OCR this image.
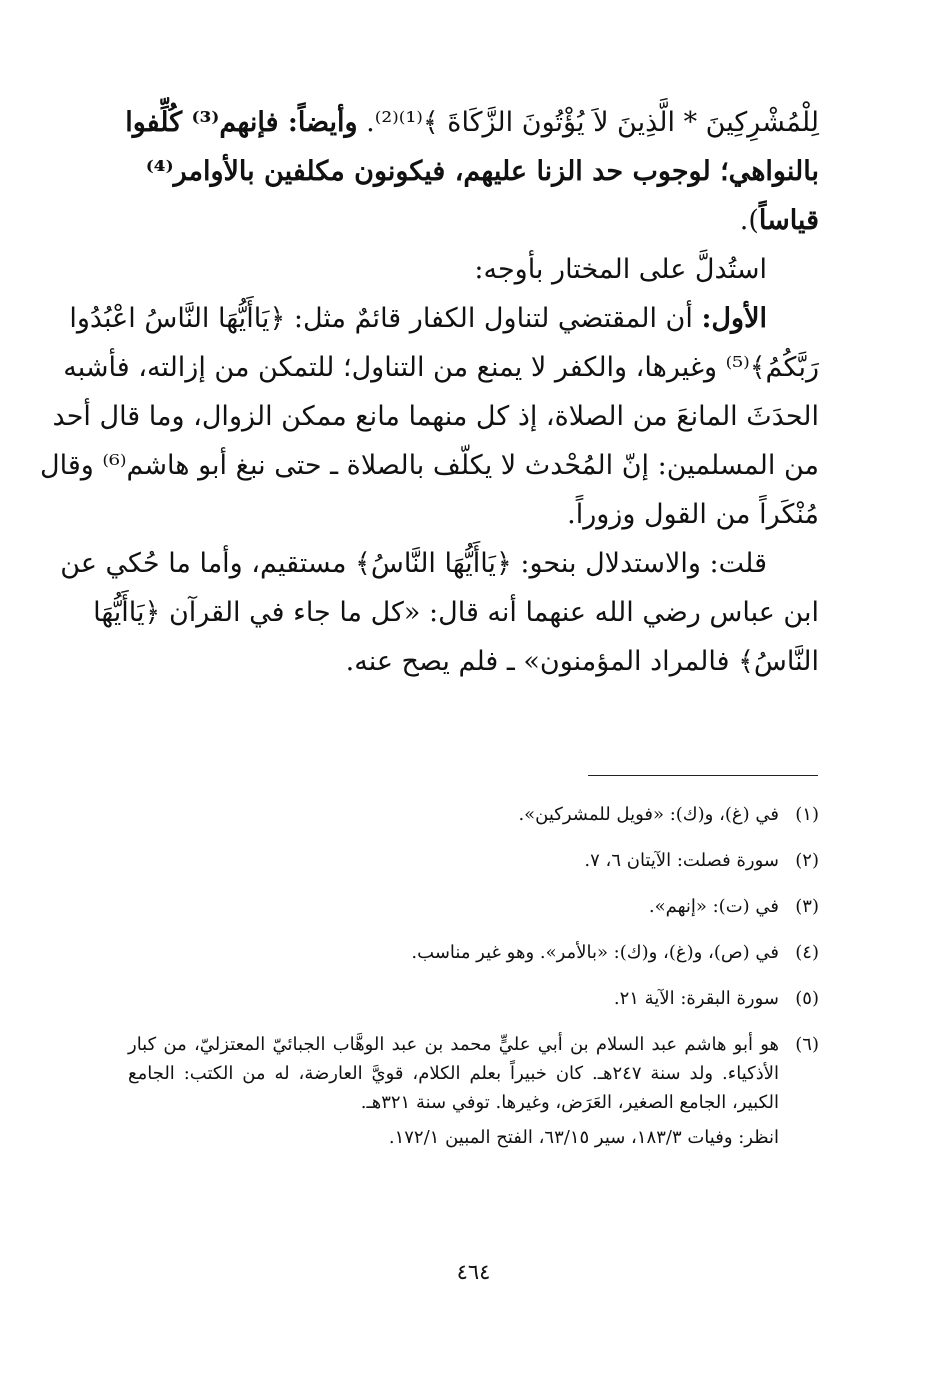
لِلْمُشْرِكِينَ * الَّذِينَ لاَ يُؤْتُونَ الزَّكَاةَ ﴾⁽¹⁾⁽²⁾. وأيضاً: فإنهم⁽³⁾ كُلِّفوا
بالنواهي؛ لوجوب حد الزنا عليهم، فيكونون مكلفين بالأوامر⁽⁴⁾
قياساً).
استُدلَّ على المختار بأوجه:
الأول: أن المقتضي لتناول الكفار قائمٌ مثل: ﴿يَاأَيُّهَا النَّاسُ اعْبُدُوا
رَبَّكُمُ﴾⁽⁵⁾ وغيرها، والكفر لا يمنع من التناول؛ للتمكن من إزالته، فأشبه
الحدَثَ المانعَ من الصلاة، إذ كل منهما مانع ممكن الزوال، وما قال أحد
من المسلمين: إنّ المُحْدث لا يكلّف بالصلاة ـ حتى نبغ أبو هاشم⁽⁶⁾ وقال
مُنْكَراً من القول وزوراً.
قلت: والاستدلال بنحو: ﴿يَاأَيُّهَا النَّاسُ﴾ مستقيم، وأما ما حُكي عن
ابن عباس رضي الله عنهما أنه قال: «كل ما جاء في القرآن ﴿يَاأَيُّهَا
النَّاسُ﴾ فالمراد المؤمنون» ـ فلم يصح عنه.
(١)
في (غ)، و(ك): «فويل للمشركين».
(٢)
سورة فصلت: الآيتان ٦، ٧.
(٣)
في (ت): «إنهم».
(٤)
في (ص)، و(غ)، و(ك): «بالأمر». وهو غير مناسب.
(٥)
سورة البقرة: الآية ٢١.
(٦)
هو أبو هاشم عبد السلام بن أبي عليٍّ محمد بن عبد الوهَّاب الجبائيّ المعتزليّ، من كبار الأذكياء. ولد سنة ٢٤٧هـ. كان خبيراً بعلم الكلام، قويَّ العارضة، له من الكتب: الجامع الكبير، الجامع الصغير، العَرَض، وغيرها. توفي سنة ٣٢١هـ.
انظر: وفيات ١٨٣/٣، سير ٦٣/١٥، الفتح المبين ١٧٢/١.
٤٦٤
